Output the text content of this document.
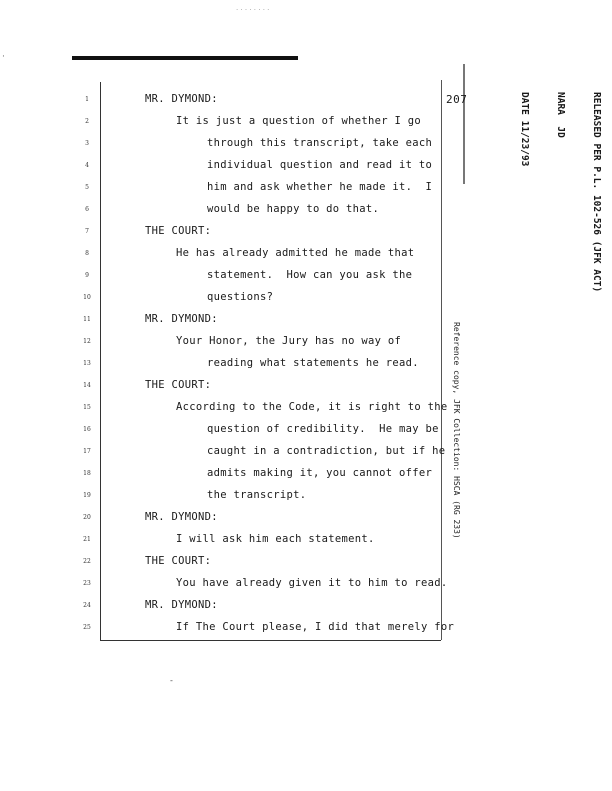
· · · · · · · ·
·
207
1
2
3
4
5
6
7
8
9
10
11
12
13
14
15
16
17
18
19
20
21
22
23
24
25
MR. DYMOND:
It is just a question of whether I go
through this transcript, take each
individual question and read it to
him and ask whether he made it.  I
would be happy to do that.
THE COURT:
He has already admitted he made that
statement.  How can you ask the
questions?
MR. DYMOND:
Your Honor, the Jury has no way of
reading what statements he read.
THE COURT:
According to the Code, it is right to the
question of credibility.  He may be
caught in a contradiction, but if he
admits making it, you cannot offer
the transcript.
MR. DYMOND:
I will ask him each statement.
THE COURT:
You have already given it to him to read.
MR. DYMOND:
If The Court please, I did that merely for

RELEASED PER P.L. 102-526 (JFK ACT)

NARA  JD

DATE 11/23/93

Reference copy, JFK Collection: HSCA (RG 233)
-
